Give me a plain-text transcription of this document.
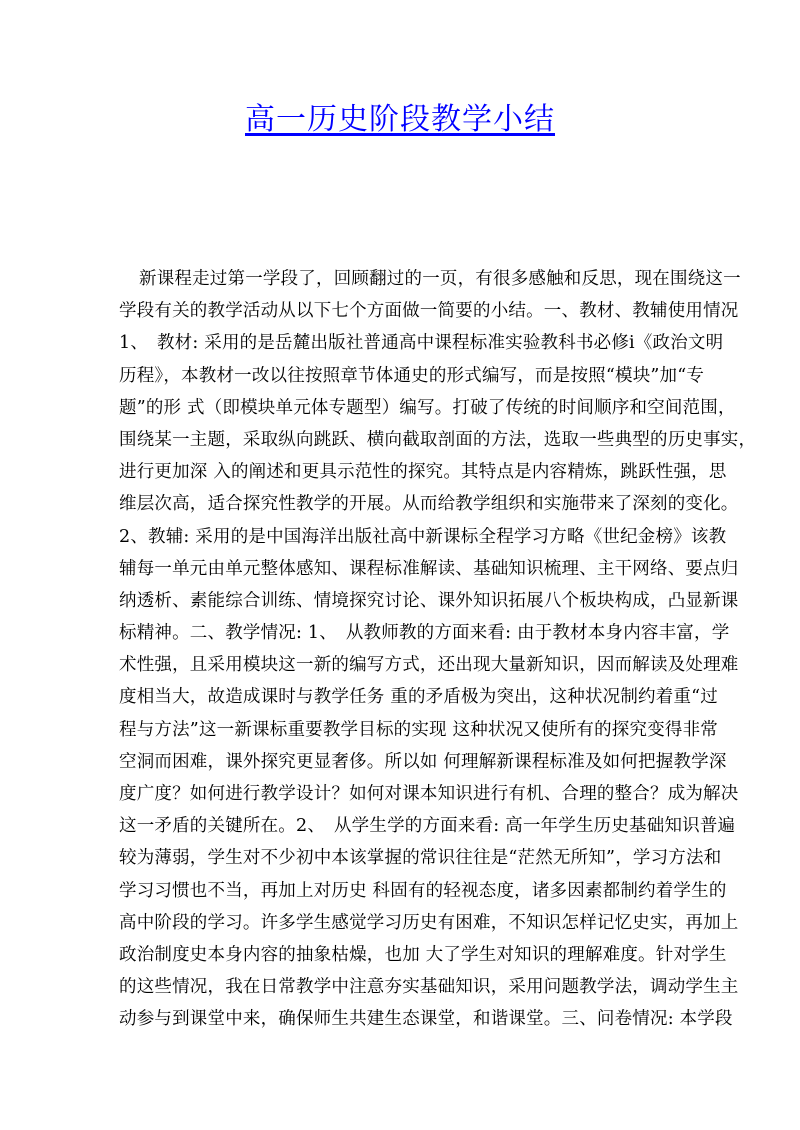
高一历史阶段教学小结
新课程走过第一学段了，回顾翻过的一页，有很多感触和反思，现在围绕这一
学段有关的教学活动从以下七个方面做一简要的小结。一、教材、教辅使用情况
1、　教材: 采用的是岳麓出版社普通高中课程标准实验教科书必修ⅰ《政治文明
历程》，本教材一改以往按照章节体通史的形式编写，而是按照“模块”加“专
题”的形 式（即模块单元体专题型）编写。打破了传统的时间顺序和空间范围，
围绕某一主题，采取纵向跳跃、横向截取剖面的方法，选取一些典型的历史事实，
进行更加深 入的阐述和更具示范性的探究。其特点是内容精炼，跳跃性强，思
维层次高，适合探究性教学的开展。从而给教学组织和实施带来了深刻的变化。
2、教辅: 采用的是中国海洋出版社高中新课标全程学习方略《世纪金榜》该教
辅每一单元由单元整体感知、课程标准解读、基础知识梳理、主干网络、要点归
纳透析、素能综合训练、情境探究讨论、课外知识拓展八个板块构成，凸显新课
标精神。二、教学情况: 1、　从教师教的方面来看: 由于教材本身内容丰富，学
术性强，且采用模块这一新的编写方式，还出现大量新知识，因而解读及处理难
度相当大，故造成课时与教学任务 重的矛盾极为突出，这种状况制约着重“过
程与方法”这一新课标重要教学目标的实现 这种状况又使所有的探究变得非常
空洞而困难，课外探究更显奢侈。所以如 何理解新课程标准及如何把握教学深
度广度？如何进行教学设计？如何对课本知识进行有机、合理的整合？成为解决
这一矛盾的关键所在。2、　从学生学的方面来看: 高一年学生历史基础知识普遍
较为薄弱，学生对不少初中本该掌握的常识往往是“茫然无所知”，学习方法和
学习习惯也不当，再加上对历史 科固有的轻视态度，诸多因素都制约着学生的
高中阶段的学习。许多学生感觉学习历史有困难，不知识怎样记忆史实，再加上
政治制度史本身内容的抽象枯燥，也加 大了学生对知识的理解难度。针对学生
的这些情况，我在日常教学中注意夯实基础知识，采用问题教学法，调动学生主
动参与到课堂中来，确保师生共建生态课堂，和谐课堂。三、问卷情况: 本学段
